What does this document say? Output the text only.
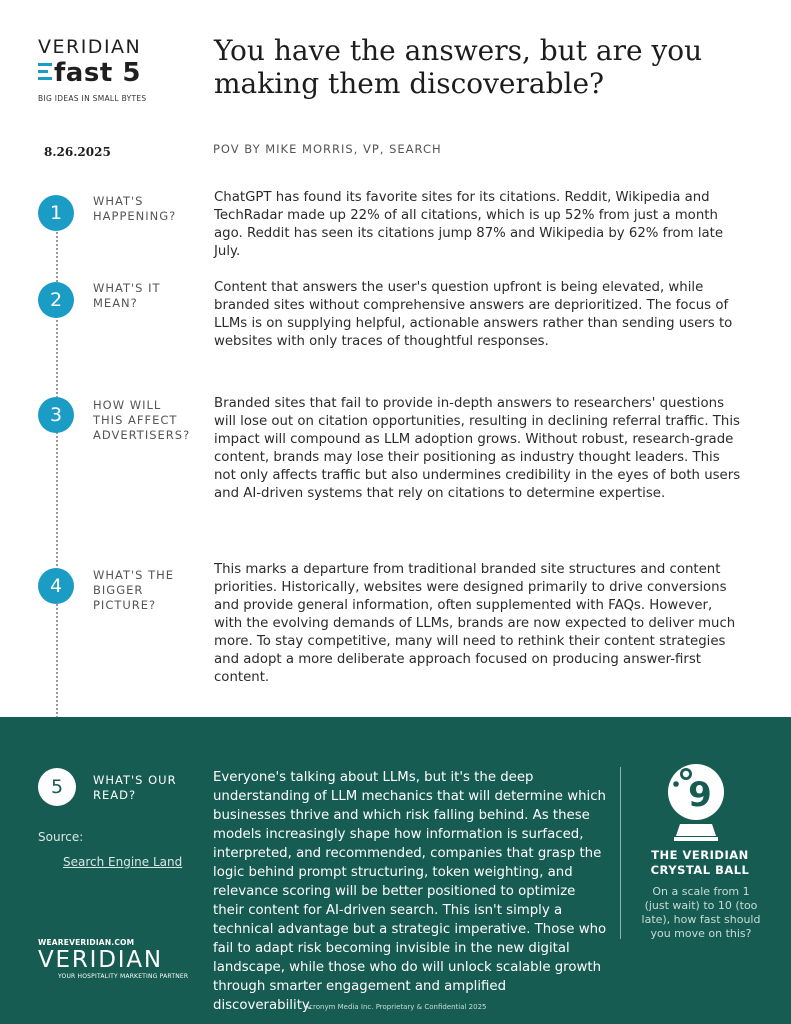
VERIDIAN
fast 5
BIG IDEAS IN SMALL BYTES
You have the answers, but are you making them discoverable?
8.26.2025	POV BY MIKE MORRIS, VP, SEARCH
1
WHAT'S HAPPENING?
ChatGPT has found its favorite sites for its citations. Reddit, Wikipedia and TechRadar made up 22% of all citations, which is up 52% from just a month ago. Reddit has seen its citations jump 87% and Wikipedia by 62% from late July.
2
WHAT'S IT MEAN?
Content that answers the user's question upfront is being elevated, while branded sites without comprehensive answers are deprioritized. The focus of LLMs is on supplying helpful, actionable answers rather than sending users to websites with only traces of thoughtful responses.
3	HOW WILL THIS AFFECT ADVERTISERS?
Branded sites that fail to provide in-depth answers to researchers' questions will lose out on citation opportunities, resulting in declining referral traffic. This impact will compound as LLM adoption grows. Without robust, research-grade content, brands may lose their positioning as industry thought leaders. This not only affects traffic but also undermines credibility in the eyes of both users and AI-driven systems that rely on citations to determine expertise.
4	WHAT'S THE BIGGER PICTURE?
This marks a departure from traditional branded site structures and content priorities. Historically, websites were designed primarily to drive conversions and provide general information, often supplemented with FAQs. However, with the evolving demands of LLMs, brands are now expected to deliver much more. To stay competitive, many will need to rethink their content strategies and adopt a more deliberate approach focused on producing answer-first content.
5	WHAT'S OUR READ?
Source:
Search Engine Land
Everyone's talking about LLMs, but it's the deep understanding of LLM mechanics that will determine which businesses thrive and which risk falling behind. As these models increasingly shape how information is surfaced, interpreted, and recommended, companies that grasp the logic behind prompt structuring, token weighting, and relevance scoring will be better positioned to optimize their content for AI-driven search. This isn't simply a technical advantage but a strategic imperative. Those who fail to adapt risk becoming invisible in the new digital landscape, while those who do will unlock scalable growth through smarter engagement and amplified discoverability.
9
THE VERIDIAN CRYSTAL BALL
On a scale from 1 (just wait) to 10 (too late), how fast should you move on this?
WEAREVERIDIAN.COM
VERIDIAN
YOUR HOSPITALITY MARKETING PARTNER
Acronym Media Inc. Proprietary & Confidential 2025
